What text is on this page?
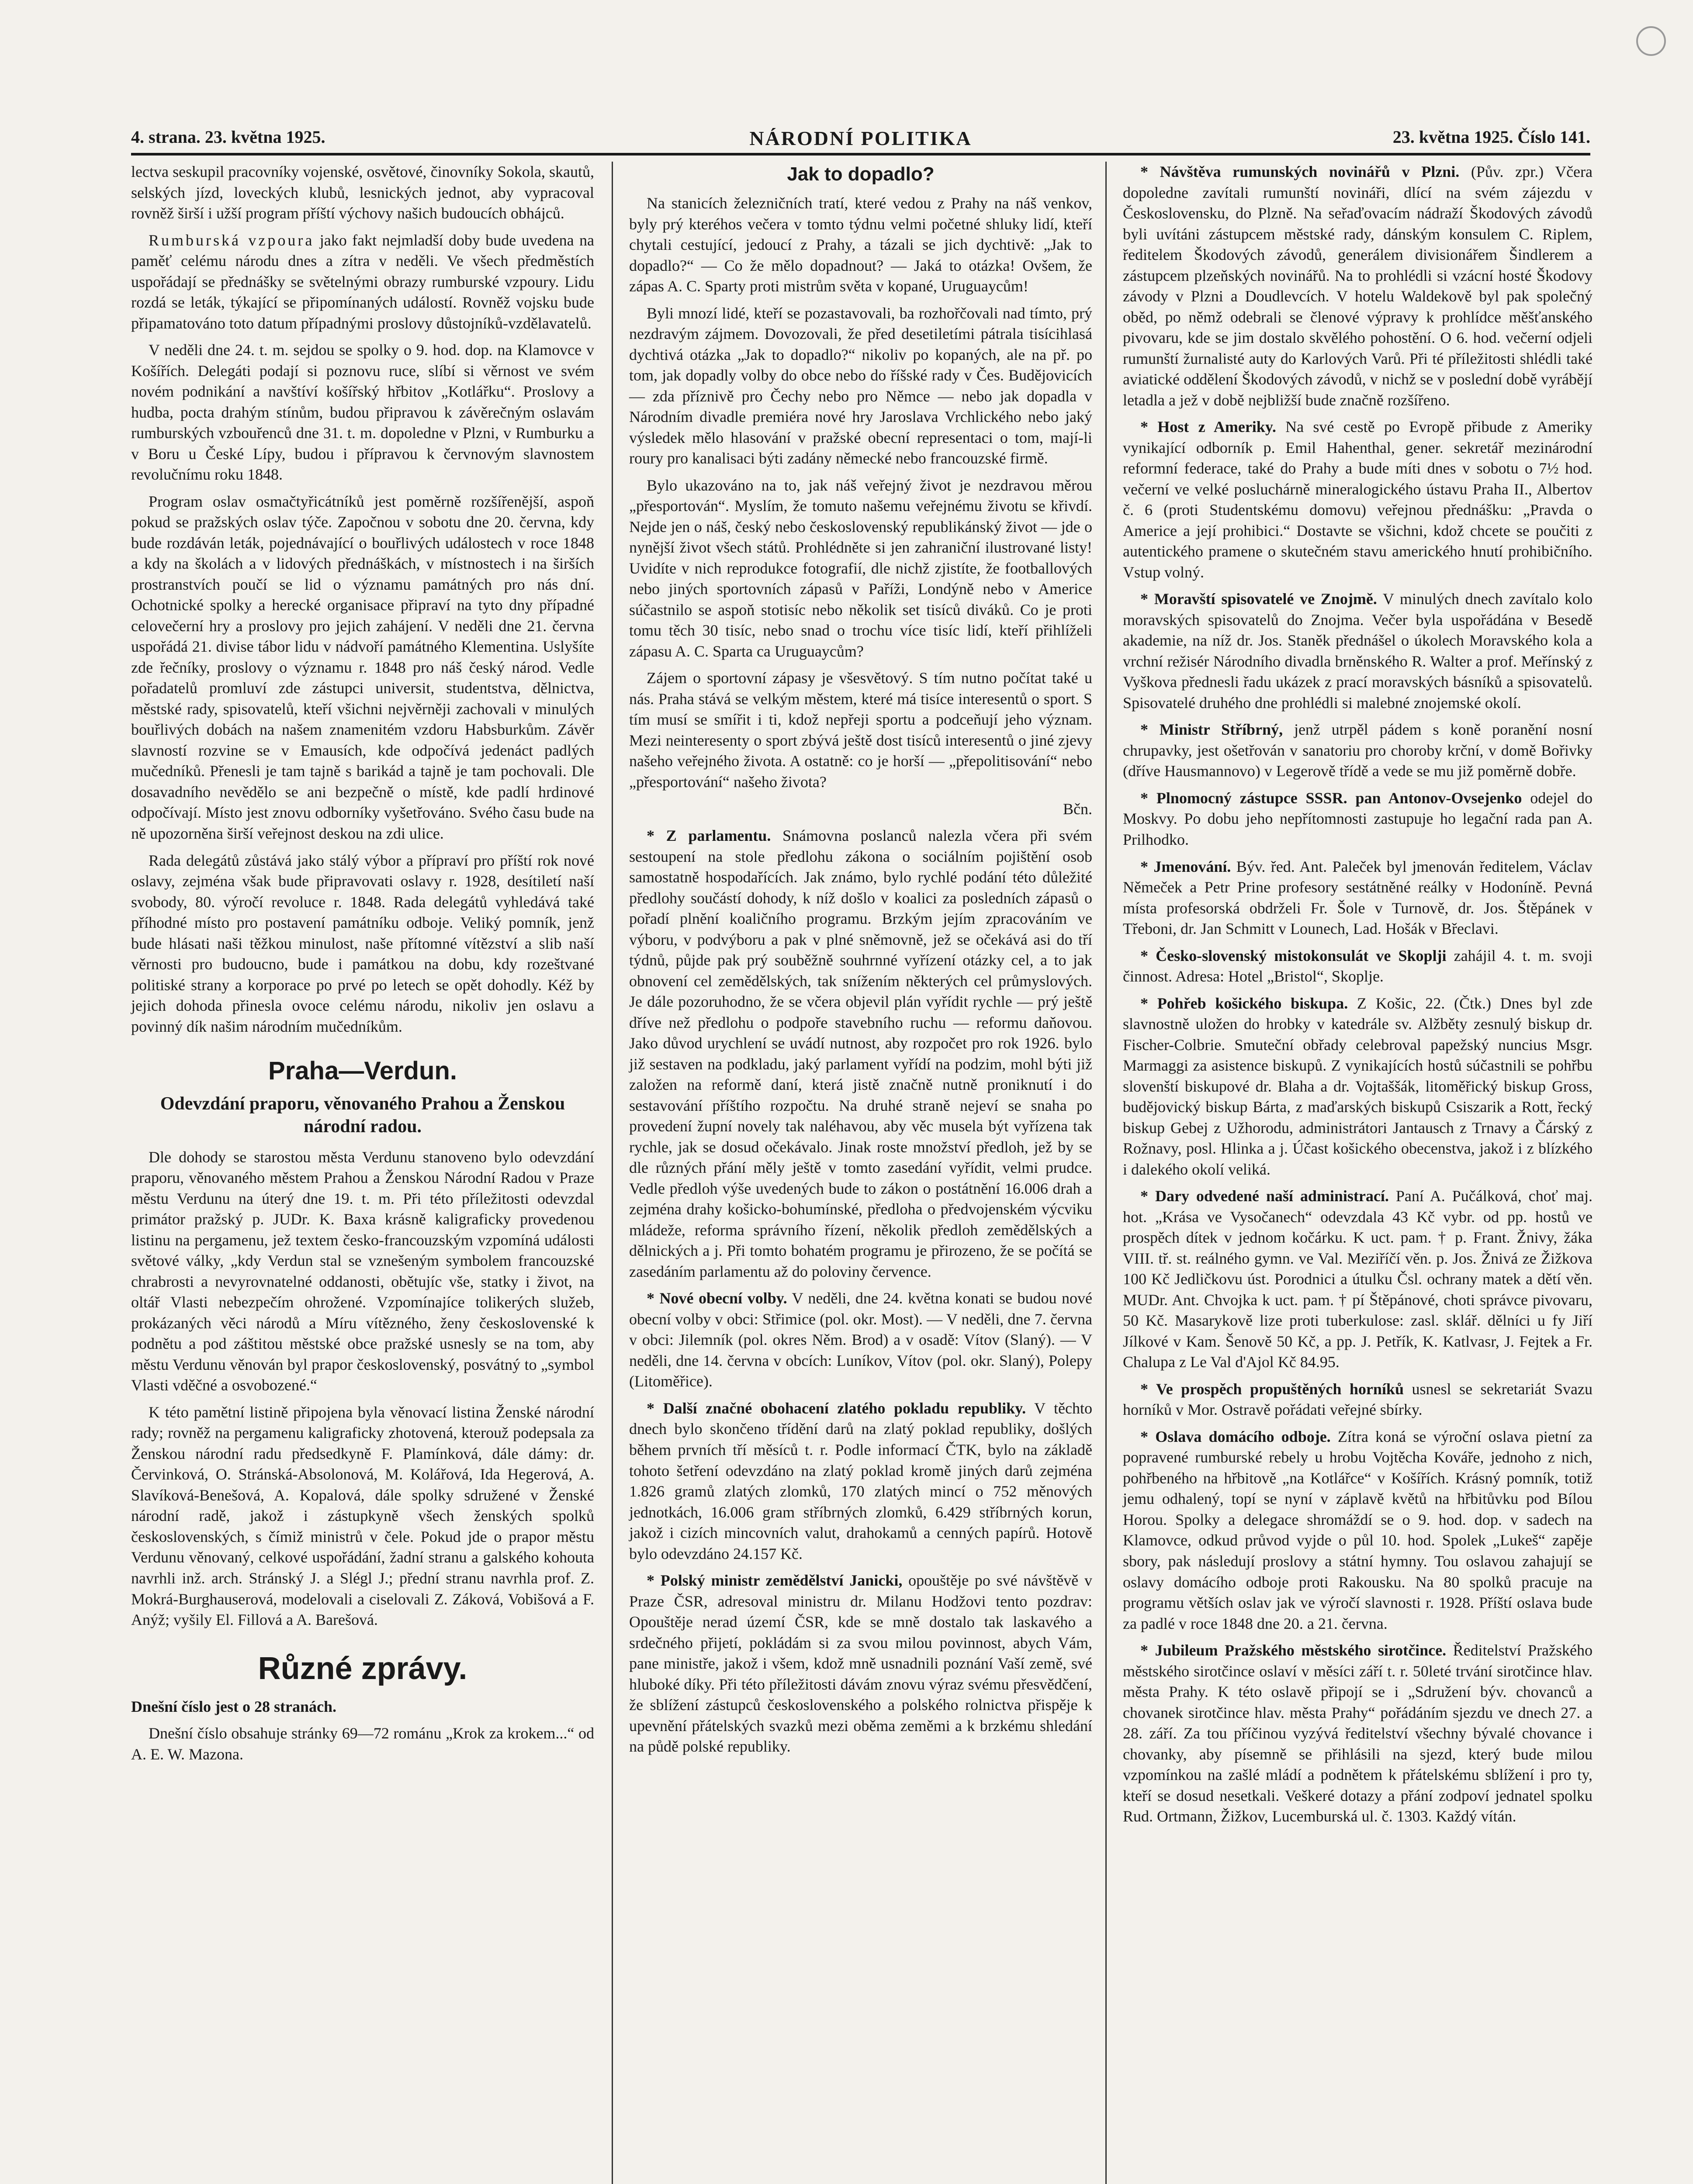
4. strana. 23. května 1925.	NÁRODNÍ POLITIKA	23. května 1925. Číslo 141.

lectva seskupil pracovníky vojenské, osvětové, činovníky Sokola, skautů, selských jízd, loveckých klubů, lesnických jednot, aby vypracoval rovněž širší i užší program příští výchovy našich budoucích obhájců.

Rumburská vzpoura jako fakt nejmladší doby bude uvedena na paměť celému národu dnes a zítra v neděli. Ve všech předměstích uspořádají se přednášky se světelnými obrazy rumburské vzpoury. Lidu rozdá se leták, týkající se připomínaných událostí. Rovněž vojsku bude připamatováno toto datum případnými proslovy důstojníků-vzdělavatelů.

V neděli dne 24. t. m. sejdou se spolky o 9. hod. dop. na Klamovce v Košířích. Delegáti podají si poznovu ruce, slíbí si věrnost ve svém novém podnikání a navštíví košířský hřbitov „Kotlářku“. Proslovy a hudba, pocta drahým stínům, budou připravou k závěrečným oslavám rumburských vzbouřenců dne 31. t. m. dopoledne v Plzni, v Rumburku a v Boru u České Lípy, budou i přípravou k červnovým slavnostem revolučnímu roku 1848.

Program oslav osmačtyřicátníků jest poměrně rozšířenější, aspoň pokud se pražských oslav týče. Započnou v sobotu dne 20. června, kdy bude rozdáván leták, pojednávající o bouřlivých událostech v roce 1848 a kdy na školách a v lidových přednáškách, v místnostech i na širších prostranstvích poučí se lid o významu památných pro nás dní. Ochotnické spolky a herecké organisace připraví na tyto dny případné celovečerní hry a proslovy pro jejich zahájení. V neděli dne 21. června uspořádá 21. divise tábor lidu v nádvoří památného Klementina. Uslyšíte zde řečníky, proslovy o významu r. 1848 pro náš český národ. Vedle pořadatelů promluví zde zástupci universit, studentstva, dělnictva, městské rady, spisovatelů, kteří všichni nejvěrněji zachovali v minulých bouřlivých dobách na našem znamenitém vzdoru Habsburkům. Závěr slavností rozvine se v Emausích, kde odpočívá jedenáct padlých mučedníků. Přenesli je tam tajně s barikád a tajně je tam pochovali. Dle dosavadního nevědělo se ani bezpečně o místě, kde padlí hrdinové odpočívají. Místo jest znovu odborníky vyšetřováno. Svého času bude na ně upozorněna širší veřejnost deskou na zdi ulice.

Rada delegátů zůstává jako stálý výbor a přípraví pro příští rok nové oslavy, zejména však bude připravovati oslavy r. 1928, desítiletí naší svobody, 80. výročí revoluce r. 1848. Rada delegátů vyhledává také příhodné místo pro postavení památníku odboje. Veliký pomník, jenž bude hlásati naši těžkou minulost, naše přítomné vítězství a slib naší věrnosti pro budoucno, bude i památkou na dobu, kdy rozeštvané politiské strany a korporace po prvé po letech se opět dohodly. Kéž by jejich dohoda přinesla ovoce celému národu, nikoliv jen oslavu a povinný dík našim národním mučedníkům.

Praha—Verdun.
Odevzdání praporu, věnovaného Prahou a Ženskou národní radou.

Dle dohody se starostou města Verdunu stanoveno bylo odevzdání praporu, věnovaného městem Prahou a Ženskou Národní Radou v Praze městu Verdunu na úterý dne 19. t. m. Při této příležitosti odevzdal primátor pražský p. JUDr. K. Baxa krásně kaligraficky provedenou listinu na pergamenu, jež textem česko-francouzským vzpomíná události světové války, „kdy Verdun stal se vznešeným symbolem francouzské chrabrosti a nevyrovnatelné oddanosti, obětujíc vše, statky i život, na oltář Vlasti nebezpečím ohrožené. Vzpomínajíce tolikerých služeb, prokázaných věci národů a Míru vítězného, ženy československé k podnětu a pod záštitou městské obce pražské usnesly se na tom, aby městu Verdunu věnován byl prapor československý, posvátný to „symbol Vlasti vděčné a osvobozené.“

K této pamětní listině připojena byla věnovací listina Ženské národní rady; rovněž na pergamenu kaligraficky zhotovená, kterouž podepsala za Ženskou národní radu předsedkyně F. Plamínková, dále dámy: dr. Červinková, O. Stránská-Absolonová, M. Kolářová, Ida Hegerová, A. Slavíková-Benešová, A. Kopalová, dále spolky sdružené v Ženské národní radě, jakož i zástupkyně všech ženských spolků československých, s čímiž ministrů v čele. Pokud jde o prapor městu Verdunu věnovaný, celkové uspořádání, žadní stranu a galského kohouta navrhli inž. arch. Stránský J. a Slégl J.; přední stranu navrhla prof. Z. Mokrá-Burghauserová, modelovali a ciselovali Z. Záková, Vobišová a F. Anýž; vyšily El. Fillová a A. Barešová.

Různé zprávy.

Dnešní číslo jest o 28 stranách.

Dnešní číslo obsahuje stránky 69—72 románu „Krok za krokem...“ od A. E. W. Mazona.

Jak to dopadlo?

Na stanicích železničních tratí, které vedou z Prahy na náš venkov, byly prý kteréhos večera v tomto týdnu velmi početné shluky lidí, kteří chytali cestující, jedoucí z Prahy, a tázali se jich dychtivě: „Jak to dopadlo?“ — Co že mělo dopadnout? — Jaká to otázka! Ovšem, že zápas A. C. Sparty proti mistrům světa v kopané, Uruguaycům!

Byli mnozí lidé, kteří se pozastavovali, ba rozhořčovali nad tímto, prý nezdravým zájmem. Dovozovali, že před desetiletími pátrala tisícihlasá dychtivá otázka „Jak to dopadlo?“ nikoliv po kopaných, ale na př. po tom, jak dopadly volby do obce nebo do říšské rady v Čes. Budějovicích — zda příznivě pro Čechy nebo pro Němce — nebo jak dopadla v Národním divadle premiéra nové hry Jaroslava Vrchlického nebo jaký výsledek mělo hlasování v pražské obecní representaci o tom, mají-li roury pro kanalisaci býti zadány německé nebo francouzské firmě.

Bylo ukazováno na to, jak náš veřejný život je nezdravou měrou „přesportován“. Myslím, že tomuto našemu veřejnému životu se křivdí. Nejde jen o náš, český nebo československý republikánský život — jde o nynější život všech států. Prohlédněte si jen zahraniční ilustrované listy! Uvidíte v nich reprodukce fotografií, dle nichž zjistíte, že footballových nebo jiných sportovních zápasů v Paříži, Londýně nebo v Americe súčastnilo se aspoň stotisíc nebo několik set tisíců diváků. Co je proti tomu těch 30 tisíc, nebo snad o trochu více tisíc lidí, kteří přihlíželi zápasu A. C. Sparta ca Uruguaycům?

Zájem o sportovní zápasy je všesvětový. S tím nutno počítat také u nás. Praha stává se velkým městem, které má tisíce interesentů o sport. S tím musí se smířit i ti, kdož nepřeji sportu a podceňují jeho význam. Mezi neinteresenty o sport zbývá ještě dost tisíců interesentů o jiné zjevy našeho veřejného života. A ostatně: co je horší — „přepolitisování“ nebo „přesportování“ našeho života?

Bčn.

* Z parlamentu. Snámovna poslanců nalezla včera při svém sestoupení na stole předlohu zákona o sociálním pojištění osob samostatně hospodařících. Jak známo, bylo rychlé podání této důležité předlohy součástí dohody, k níž došlo v koalici za posledních zápasů o pořadí plnění koaličního programu. Brzkým jejím zpracováním ve výboru, v podvýboru a pak v plné sněmovně, jež se očekává asi do tří týdnů, půjde pak prý souběžně souhrnné vyřízení otázky cel, a to jak obnovení cel zemědělských, tak snížením některých cel průmyslových. Je dále pozoruhodno, že se včera objevil plán vyřídit rychle — prý ještě dříve než předlohu o podpoře stavebního ruchu — reformu daňovou. Jako důvod urychlení se uvádí nutnost, aby rozpočet pro rok 1926. bylo již sestaven na podkladu, jaký parlament vyřídí na podzim, mohl býti již založen na reformě daní, která jistě značně nutně proniknutí i do sestavování příštího rozpočtu. Na druhé straně nejeví se snaha po provedení župní novely tak naléhavou, aby věc musela být vyřízena tak rychle, jak se dosud očekávalo. Jinak roste množství předloh, jež by se dle různých přání měly ještě v tomto zasedání vyřídit, velmi prudce. Vedle předloh výše uvedených bude to zákon o postátnění 16.006 drah a zejména drahy košicko-bohumínské, předloha o předvojenském výcviku mládeže, reforma správního řízení, několik předloh zemědělských a dělnických a j. Při tomto bohatém programu je přirozeno, že se počítá se zasedáním parlamentu až do poloviny července.

* Nové obecní volby. V neděli, dne 24. května konati se budou nové obecní volby v obci: Střimice (pol. okr. Most). — V neděli, dne 7. června v obci: Jilemník (pol. okres Něm. Brod) a v osadě: Vítov (Slaný). — V neděli, dne 14. června v obcích: Luníkov, Vítov (pol. okr. Slaný), Polepy (Litoměřice).

* Další značné obohacení zlatého pokladu republiky. V těchto dnech bylo skončeno třídění darů na zlatý poklad republiky, došlých během prvních tří měsíců t. r. Podle informací ČTK, bylo na základě tohoto šetření odevzdáno na zlatý poklad kromě jiných darů zejména 1.826 gramů zlatých zlomků, 170 zlatých mincí o 752 měnových jednotkách, 16.006 gram stříbrných zlomků, 6.429 stříbrných korun, jakož i cizích mincovních valut, drahokamů a cenných papírů. Hotově bylo odevzdáno 24.157 Kč.

* Polský ministr zemědělství Janicki, opouštěje po své návštěvě v Praze ČSR, adresoval ministru dr. Milanu Hodžovi tento pozdrav: Opouštěje nerad území ČSR, kde se mně dostalo tak laskavého a srdečného přijetí, pokládám si za svou milou povinnost, abych Vám, pane ministře, jakož i všem, kdož mně usnadnili poznání Vaší země, své hluboké díky. Při této příležitosti dávám znovu výraz svému přesvědčení, že sblížení zástupců československého a polského rolnictva přispěje k upevnění přátelských svazků mezi oběma zeměmi a k brzkému shledání na půdě polské republiky.

* Návštěva rumunských novinářů v Plzni. (Pův. zpr.) Včera dopoledne zavítali rumunští novináři, dlící na svém zájezdu v Československu, do Plzně. Na seřaďovacím nádraží Škodových závodů byli uvítáni zástupcem městské rady, dánským konsulem C. Riplem, ředitelem Škodových závodů, generálem divisionářem Šindlerem a zástupcem plzeňských novinářů. Na to prohlédli si vzácní hosté Škodovy závody v Plzni a Doudlevcích. V hotelu Waldekově byl pak společný oběd, po němž odebrali se členové výpravy k prohlídce měšťanského pivovaru, kde se jim dostalo skvělého pohostění. O 6. hod. večerní odjeli rumunští žurnalisté auty do Karlových Varů. Při té příležitosti shlédli také aviatické oddělení Škodových závodů, v nichž se v poslední době vyrábějí letadla a jež v době nejbližší bude značně rozšířeno.

* Host z Ameriky. Na své cestě po Evropě přibude z Ameriky vynikající odborník p. Emil Hahenthal, gener. sekretář mezinárodní reformní federace, také do Prahy a bude míti dnes v sobotu o 7½ hod. večerní ve velké posluchárně mineralogického ústavu Praha II., Albertov č. 6 (proti Studentskému domovu) veřejnou přednášku: „Pravda o Americe a její prohibici.“ Dostavte se všichni, kdož chcete se poučiti z autentického pramene o skutečném stavu amerického hnutí prohibičního. Vstup volný.

* Moravští spisovatelé ve Znojmě. V minulých dnech zavítalo kolo moravských spisovatelů do Znojma. Večer byla uspořádána v Besedě akademie, na níž dr. Jos. Staněk přednášel o úkolech Moravského kola a vrchní režisér Národního divadla brněnského R. Walter a prof. Meřínský z Vyškova přednesli řadu ukázek z prací moravských básníků a spisovatelů. Spisovatelé druhého dne prohlédli si malebné znojemské okolí.

* Ministr Stříbrný, jenž utrpěl pádem s koně poranění nosní chrupavky, jest ošetřován v sanatoriu pro choroby krční, v domě Bořivky (dříve Hausmannovo) v Legerově třídě a vede se mu již poměrně dobře.

* Plnomocný zástupce SSSR. pan Antonov-Ovsejenko odejel do Moskvy. Po dobu jeho nepřítomnosti zastupuje ho legační rada pan A. Prilhodko.

* Jmenování. Býv. řed. Ant. Paleček byl jmenován ředitelem, Václav Němeček a Petr Prine profesory sestátněné reálky v Hodoníně. Pevná místa profesorská obdrželi Fr. Šole v Turnově, dr. Jos. Štěpánek v Třeboni, dr. Jan Schmitt v Lounech, Lad. Hošák v Břeclavi.

* Česko-slovenský mistokonsulát ve Skoplji zahájil 4. t. m. svoji činnost. Adresa: Hotel „Bristol“, Skoplje.

* Pohřeb košického biskupa. Z Košic, 22. (Čtk.) Dnes byl zde slavnostně uložen do hrobky v katedrále sv. Alžběty zesnulý biskup dr. Fischer-Colbrie. Smuteční obřady celebroval papežský nuncius Msgr. Marmaggi za asistence biskupů. Z vynikajících hostů súčastnili se pohřbu slovenští biskupové dr. Blaha a dr. Vojtaššák, litoměřický biskup Gross, budějovický biskup Bárta, z maďarských biskupů Csiszarik a Rott, řecký biskup Gebej z Užhorodu, administrátori Jantausch z Trnavy a Čárský z Rožnavy, posl. Hlinka a j. Účast košického obecenstva, jakož i z blízkého i dalekého okolí veliká.

* Dary odvedené naší administrací. Paní A. Pučálková, choť maj. hot. „Krása ve Vysočanech“ odevzdala 43 Kč vybr. od pp. hostů ve prospěch dítek v jednom kočárku. K uct. pam. † p. Frant. Žnivy, žáka VIII. tř. st. reálného gymn. ve Val. Meziříčí věn. p. Jos. Žnivá ze Žižkova 100 Kč Jedličkovu úst. Porodnici a útulku Čsl. ochrany matek a dětí věn. MUDr. Ant. Chvojka k uct. pam. † pí Štěpánové, choti správce pivovaru, 50 Kč. Masarykově lize proti tuberkulose: zasl. sklář. dělníci u fy Jiří Jílkové v Kam. Šenově 50 Kč, a pp. J. Petřík, K. Katlvasr, J. Fejtek a Fr. Chalupa z Le Val d'Ajol Kč 84.95.

* Ve prospěch propuštěných horníků usnesl se sekretariát Svazu horníků v Mor. Ostravě pořádati veřejné sbírky.

* Oslava domácího odboje. Zítra koná se výroční oslava pietní za popravené rumburské rebely u hrobu Vojtěcha Kováře, jednoho z nich, pohřbeného na hřbitově „na Kotlářce“ v Košířích. Krásný pomník, totiž jemu odhalený, topí se nyní v záplavě květů na hřbitůvku pod Bílou Horou. Spolky a delegace shromáždí se o 9. hod. dop. v sadech na Klamovce, odkud průvod vyjde o půl 10. hod. Spolek „Lukeš“ zapěje sbory, pak následují proslovy a státní hymny. Tou oslavou zahajují se oslavy domácího odboje proti Rakousku. Na 80 spolků pracuje na programu větších oslav jak ve výročí slavnosti r. 1928. Příští oslava bude za padlé v roce 1848 dne 20. a 21. června.

* Jubileum Pražského městského sirotčince. Ředitelství Pražského městského sirotčince oslaví v měsíci září t. r. 50leté trvání sirotčince hlav. města Prahy. K této oslavě připojí se i „Sdružení býv. chovanců a chovanek sirotčince hlav. města Prahy“ pořádáním sjezdu ve dnech 27. a 28. září. Za tou příčinou vyzývá ředitelství všechny bývalé chovance i chovanky, aby písemně se přihlásili na sjezd, který bude milou vzpomínkou na zašlé mládí a podnětem k přátelskému sblížení i pro ty, kteří se dosud nesetkali. Veškeré dotazy a přání zodpoví jednatel spolku Rud. Ortmann, Žižkov, Lucemburská ul. č. 1303. Každý vítán.
